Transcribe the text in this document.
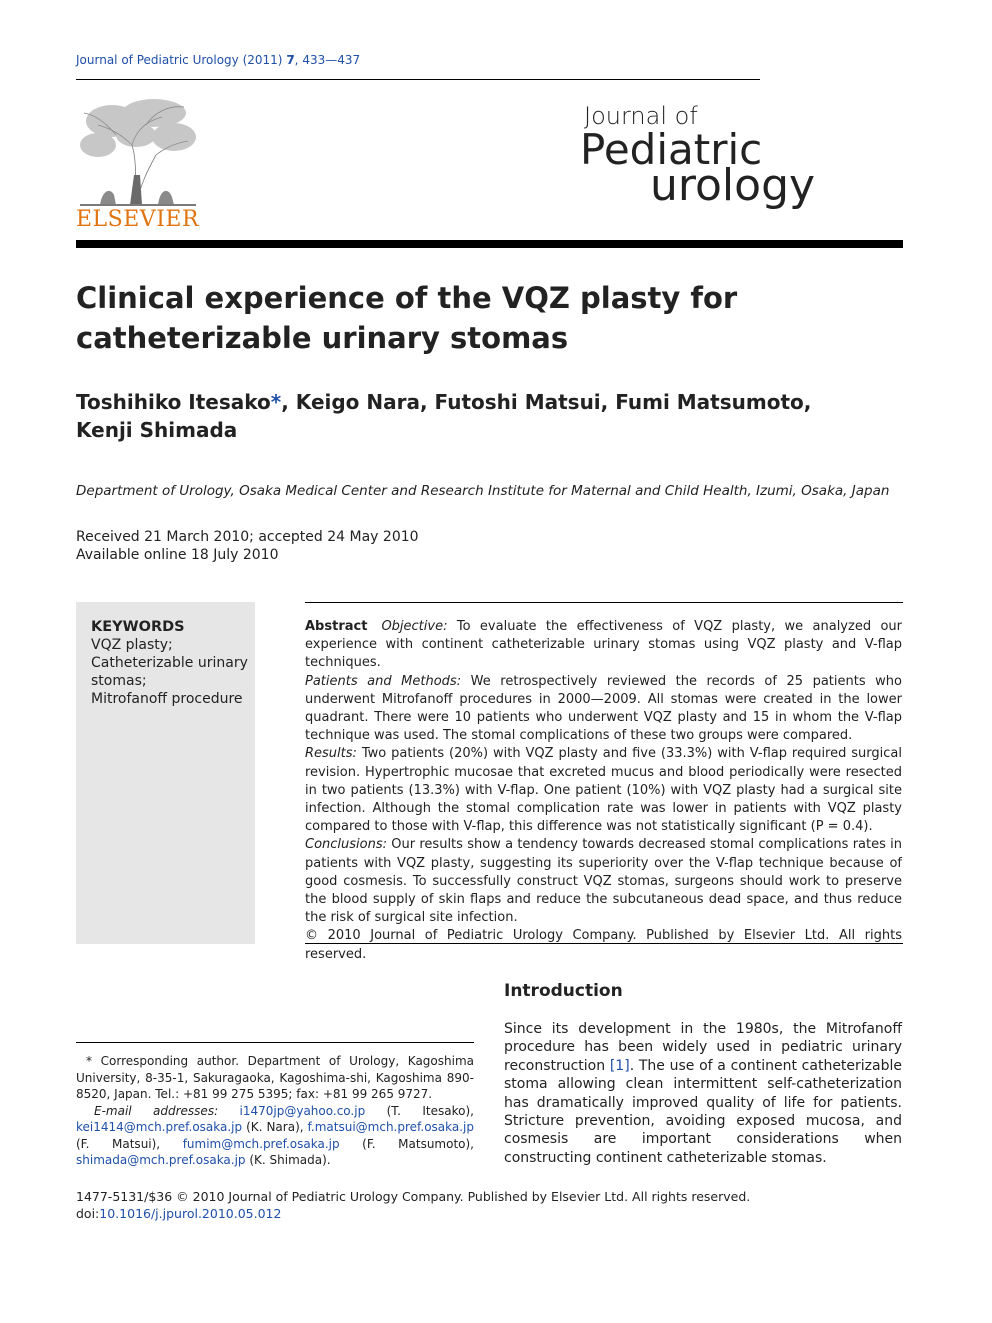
Journal of Pediatric Urology (2011) 7, 433—437
ELSEVIER
Journal of
Pediatric
urology
Clinical experience of the VQZ plasty for catheterizable urinary stomas
Toshihiko Itesako*, Keigo Nara, Futoshi Matsui, Fumi Matsumoto,
Kenji Shimada
Department of Urology, Osaka Medical Center and Research Institute for Maternal and Child Health, Izumi, Osaka, Japan
Received 21 March 2010; accepted 24 May 2010
Available online 18 July 2010
KEYWORDS
VQZ plasty;
Catheterizable urinary stomas;
Mitrofanoff procedure

Abstract Objective: To evaluate the effectiveness of VQZ plasty, we analyzed our experience with continent catheterizable urinary stomas using VQZ plasty and V-flap techniques.

Patients and Methods: We retrospectively reviewed the records of 25 patients who underwent Mitrofanoff procedures in 2000—2009. All stomas were created in the lower quadrant. There were 10 patients who underwent VQZ plasty and 15 in whom the V-flap technique was used. The stomal complications of these two groups were compared.

Results: Two patients (20%) with VQZ plasty and five (33.3%) with V-flap required surgical revision. Hypertrophic mucosae that excreted mucus and blood periodically were resected in two patients (13.3%) with V-flap. One patient (10%) with VQZ plasty had a surgical site infection. Although the stomal complication rate was lower in patients with VQZ plasty compared to those with V-flap, this difference was not statistically significant (P = 0.4).

Conclusions: Our results show a tendency towards decreased stomal complications rates in patients with VQZ plasty, suggesting its superiority over the V-flap technique because of good cosmesis. To successfully construct VQZ stomas, surgeons should work to preserve the blood supply of skin flaps and reduce the subcutaneous dead space, and thus reduce the risk of surgical site infection.

© 2010 Journal of Pediatric Urology Company. Published by Elsevier Ltd. All rights reserved.

* Corresponding author. Department of Urology, Kagoshima University, 8-35-1, Sakuragaoka, Kagoshima-shi, Kagoshima 890-8520, Japan. Tel.: +81 99 275 5395; fax: +81 99 265 9727.

E-mail addresses: i1470jp@yahoo.co.jp (T. Itesako), kei1414@mch.pref.osaka.jp (K. Nara), f.matsui@mch.pref.osaka.jp (F. Matsui), fumim@mch.pref.osaka.jp (F. Matsumoto), shimada@mch.pref.osaka.jp (K. Shimada).

Introduction
Since its development in the 1980s, the Mitrofanoff procedure has been widely used in pediatric urinary reconstruction [1]. The use of a continent catheterizable stoma allowing clean intermittent self-catheterization has dramatically improved quality of life for patients. Stricture prevention, avoiding exposed mucosa, and cosmesis are important considerations when constructing continent catheterizable stomas.
1477-5131/$36 © 2010 Journal of Pediatric Urology Company. Published by Elsevier Ltd. All rights reserved.
doi:10.1016/j.jpurol.2010.05.012
